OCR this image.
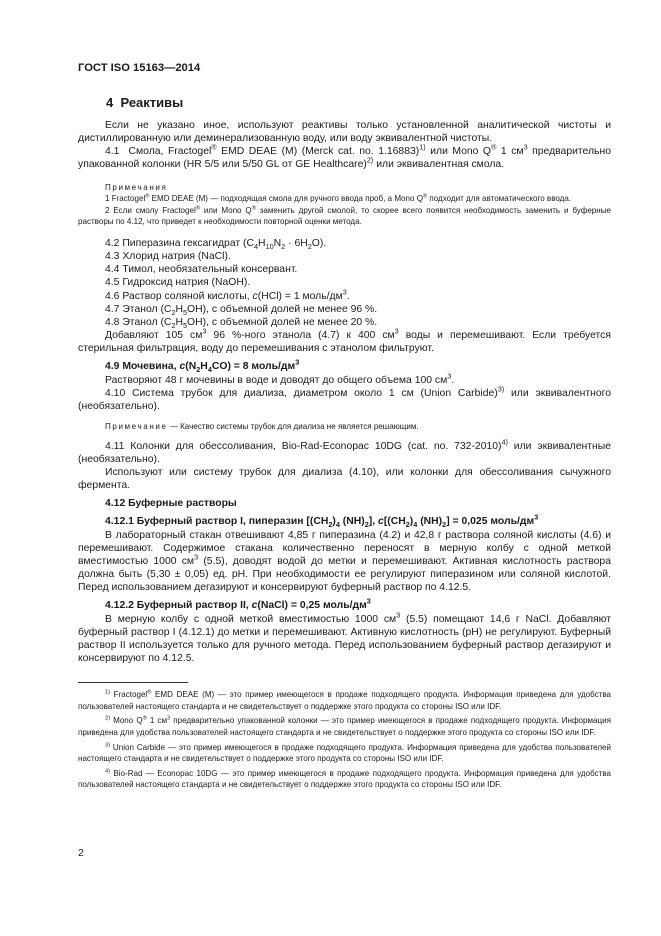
ГОСТ ISO 15163—2014
4 Реактивы

Если не указано иное, используют реактивы только установленной аналитической чистоты и дистиллированную или деминерализованную воду, или воду эквивалентной чистоты.

4.1 Смола, Fractogel® EMD DEAE (M) (Merck cat. no. 1.16883)$^{1)}$ или Mono Q® 1 $см^3$ предварительно упакованной колонки (HR 5/5 или 5/50 GL от GE Healthcare)$^{2)}$ или эквивалентная смола.

Примечания

1 Fractogel® EMD DEAE (M) — подходящая смола для ручного ввода проб, а Mono Q® подходит для автоматического ввода.

2 Если смолу Fractogel® или Mono Q® заменить другой смолой, то скорее всего появится необходимость заменить и буферные растворы по 4.12, что приведет к необходимости повторной оценки метода.

4.2 Пиперазина гексагидрат $(C_4H_{10}N_2 \cdot 6H_2O)$.

4.3 Хлорид натрия (NaCl).

4.4 Тимол, необязательный консервант.

4.5 Гидроксид натрия (NaOH).

4.6 Раствор соляной кислоты, c(HCl) = 1 моль/$дм^3$.

4.7 Этанол $(C_2H_5OH)$, с объемной долей не менее 96 %.

4.8 Этанол $(C_2H_5OH)$, с объемной долей не менее 20 %.

Добавляют 105 $см^3$ 96 %-ного этанола (4.7) к 400 $см^3$ воды и перемешивают. Если требуется стерильная фильтрация, воду до перемешивания с этанолом фильтруют.

4.9 Мочевина, $c(N_2H_4CO) = 8$ моль/$дм^3$

Растворяют 48 г мочевины в воде и доводят до общего объема 100 $см^3$.

4.10 Система трубок для диализа, диаметром около 1 см (Union Carbide)$^{3)}$ или эквивалентного (необязательно).

Примечание — Качество системы трубок для диализа не является решающим.

4.11 Колонки для обессоливания, Bio-Rad-Econopac 10DG (cat. no. 732-2010)$^{4)}$ или эквивалентные (необязательно).

Используют или систему трубок для диализа (4.10), или колонки для обессоливания сычужного фермента.

4.12 Буферные растворы

4.12.1 Буферный раствор I, пиперазин [$(CH_2)_4$ $(NH)_2$], $c[(CH_2)_4$ $(NH)_2] = 0,025$ моль/$дм^3$

В лабораторный стакан отвешивают 4,85 г пиперазина (4.2) и 42,8 г раствора соляной кислоты (4.6) и перемешивают. Содержимое стакана количественно переносят в мерную колбу с одной меткой вместимостью 1000 $см^3$ (5.5), доводят водой до метки и перемешивают. Активная кислотность раствора должна быть (5,30 ± 0,05) ед. pH. При необходимости ее регулируют пиперазином или соляной кислотой. Перед использованием дегазируют и консервируют буферный раствор по 4.12.5.

4.12.2 Буферный раствор II, c(NaCl) = 0,25 моль/$дм^3$

В мерную колбу с одной меткой вместимостью 1000 $см^3$ (5.5) помещают 14,6 г NaCl. Добавляют буферный раствор I (4.12.1) до метки и перемешивают. Активную кислотность (pH) не регулируют. Буферный раствор II используется только для ручного метода. Перед использованием буферный раствор дегазируют и консервируют по 4.12.5.

$^{1)}$ Fractogel® EMD DEAE (M) — это пример имеющегося в продаже подходящего продукта. Информация приведена для удобства пользователей настоящего стандарта и не свидетельствует о поддержке этого продукта со стороны ISO или IDF.

$^{2)}$ Mono Q® 1 $см^3$ предварительно упакованной колонки — это пример имеющегося в продаже подходящего продукта. Информация приведена для удобства пользователей настоящего стандарта и не свидетельствует о поддержке этого продукта со стороны ISO или IDF.

$^{3)}$ Union Carbide — это пример имеющегося в продаже подходящего продукта. Информация приведена для удобства пользователей настоящего стандарта и не свидетельствует о поддержке этого продукта со стороны ISO или IDF.

$^{4)}$ Bio-Rad — Econopac 10DG — это пример имеющегося в продаже подходящего продукта. Информация приведена для удобства пользователей настоящего стандарта и не свидетельствует о поддержке этого продукта со стороны ISO или IDF.

2
